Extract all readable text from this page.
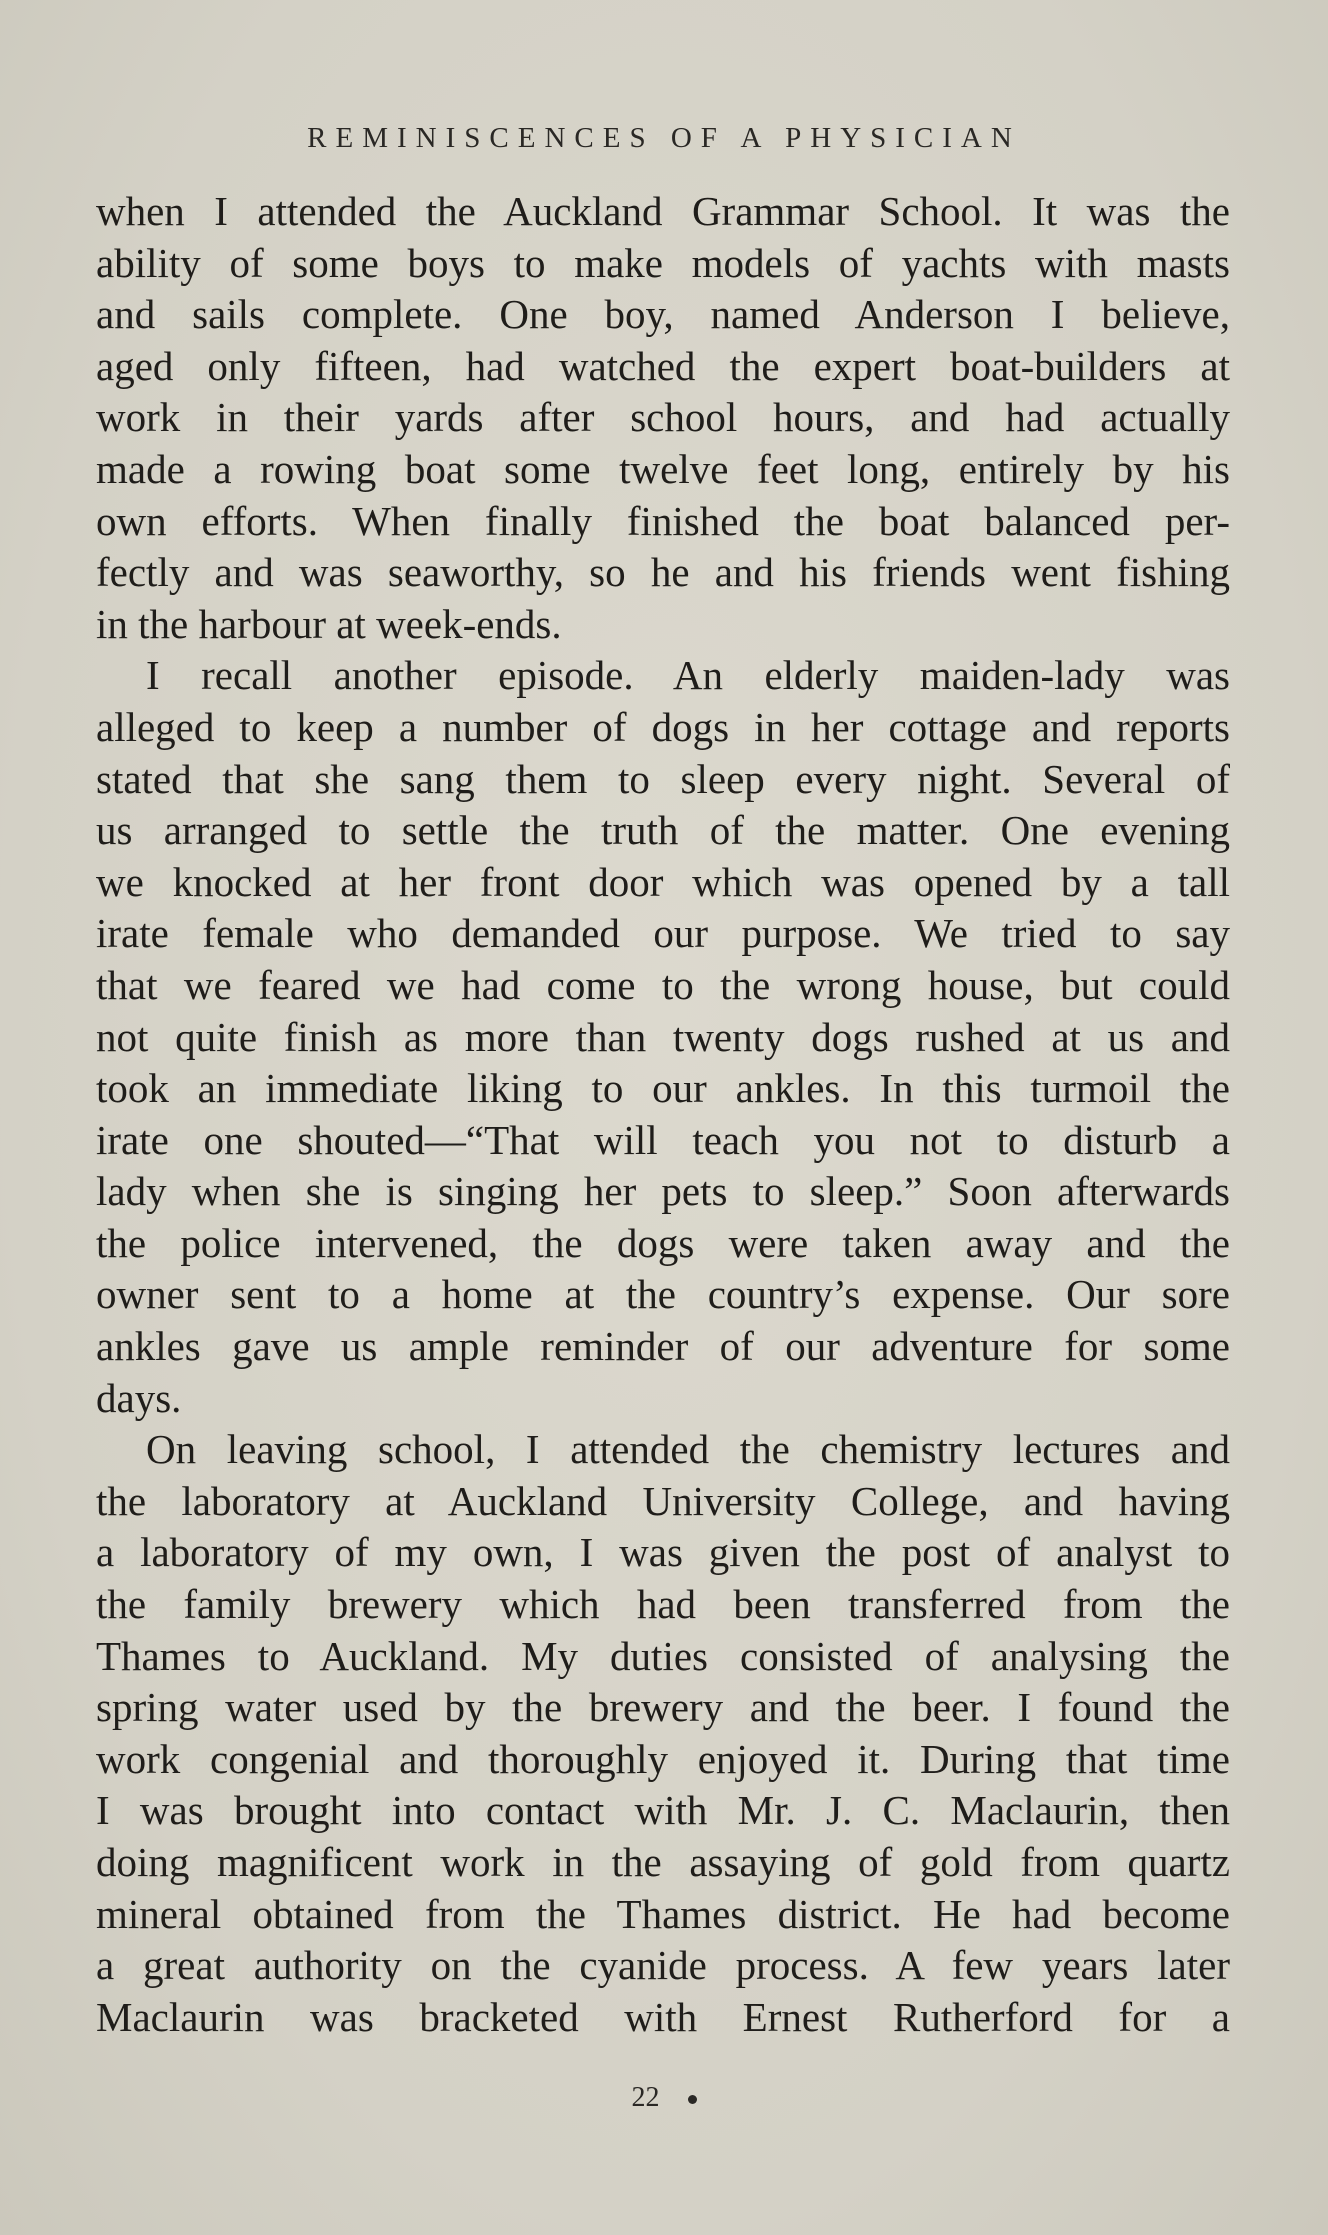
REMINISCENCES OF A PHYSICIAN
when I attended the Auckland Grammar School. It was the
ability of some boys to make models of yachts with masts
and sails complete. One boy, named Anderson I believe,
aged only fifteen, had watched the expert boat-builders at
work in their yards after school hours, and had actually
made a rowing boat some twelve feet long, entirely by his
own efforts. When finally finished the boat balanced per-
fectly and was seaworthy, so he and his friends went fishing
in the harbour at week-ends.
I recall another episode. An elderly maiden-lady was
alleged to keep a number of dogs in her cottage and reports
stated that she sang them to sleep every night. Several of
us arranged to settle the truth of the matter. One evening
we knocked at her front door which was opened by a tall
irate female who demanded our purpose. We tried to say
that we feared we had come to the wrong house, but could
not quite finish as more than twenty dogs rushed at us and
took an immediate liking to our ankles. In this turmoil the
irate one shouted—“That will teach you not to disturb a
lady when she is singing her pets to sleep.” Soon afterwards
the police intervened, the dogs were taken away and the
owner sent to a home at the country’s expense. Our sore
ankles gave us ample reminder of our adventure for some
days.
On leaving school, I attended the chemistry lectures and
the laboratory at Auckland University College, and having
a laboratory of my own, I was given the post of analyst to
the family brewery which had been transferred from the
Thames to Auckland. My duties consisted of analysing the
spring water used by the brewery and the beer. I found the
work congenial and thoroughly enjoyed it. During that time
I was brought into contact with Mr. J. C. Maclaurin, then
doing magnificent work in the assaying of gold from quartz
mineral obtained from the Thames district. He had become
a great authority on the cyanide process. A few years later
Maclaurin was bracketed with Ernest Rutherford for a
22
